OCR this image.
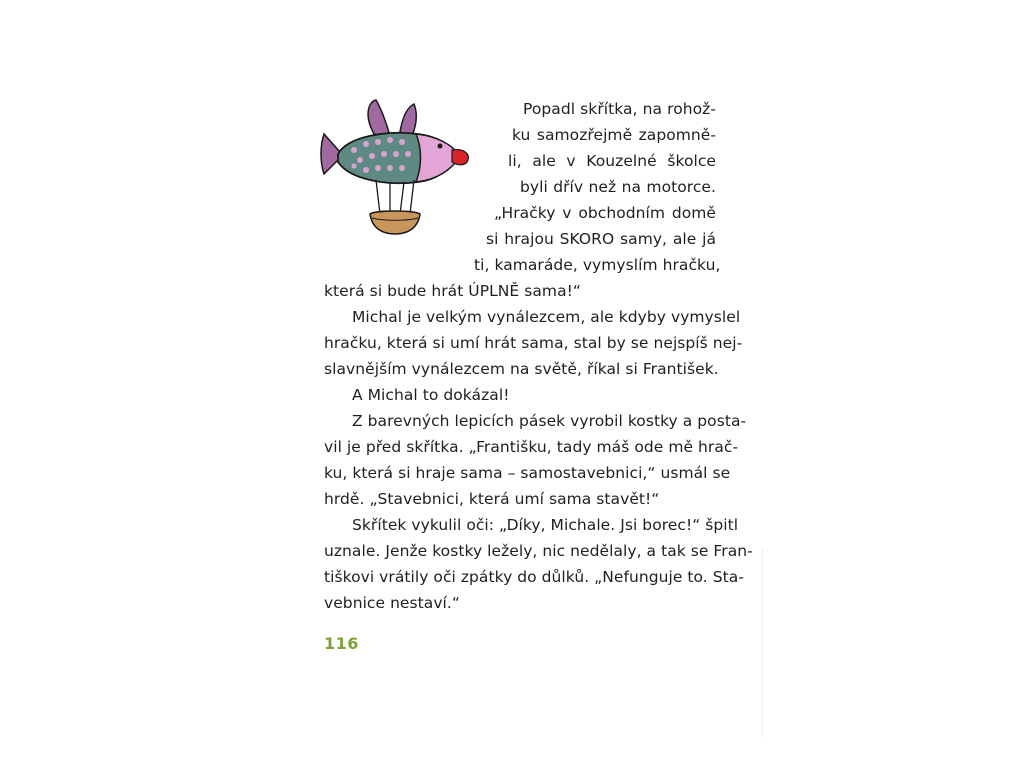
Popadl skřítka, na rohož-
ku samozřejmě zapomně-
li, ale v Kouzelné školce
byli dřív než na motorce.
„Hračky v obchodním domě
si hrajou SKORO samy, ale já
ti, kamaráde, vymyslím hračku,
která si bude hrát ÚPLNĚ sama!“
Michal je velkým vynálezcem, ale kdyby vymyslel
hračku, která si umí hrát sama, stal by se nejspíš nej-
slavnějším vynálezcem na světě, říkal si František.
A Michal to dokázal!
Z barevných lepicích pásek vyrobil kostky a posta-
vil je před skřítka. „Františku, tady máš ode mě hrač-
ku, která si hraje sama – samostavebnici,“ usmál se
hrdě. „Stavebnici, která umí sama stavět!“
Skřítek vykulil oči: „Díky, Michale. Jsi borec!“ špitl
uznale. Jenže kostky ležely, nic nedělaly, a tak se Fran-
tiškovi vrátily oči zpátky do důlků. „Nefunguje to. Sta-
vebnice nestaví.“
116
